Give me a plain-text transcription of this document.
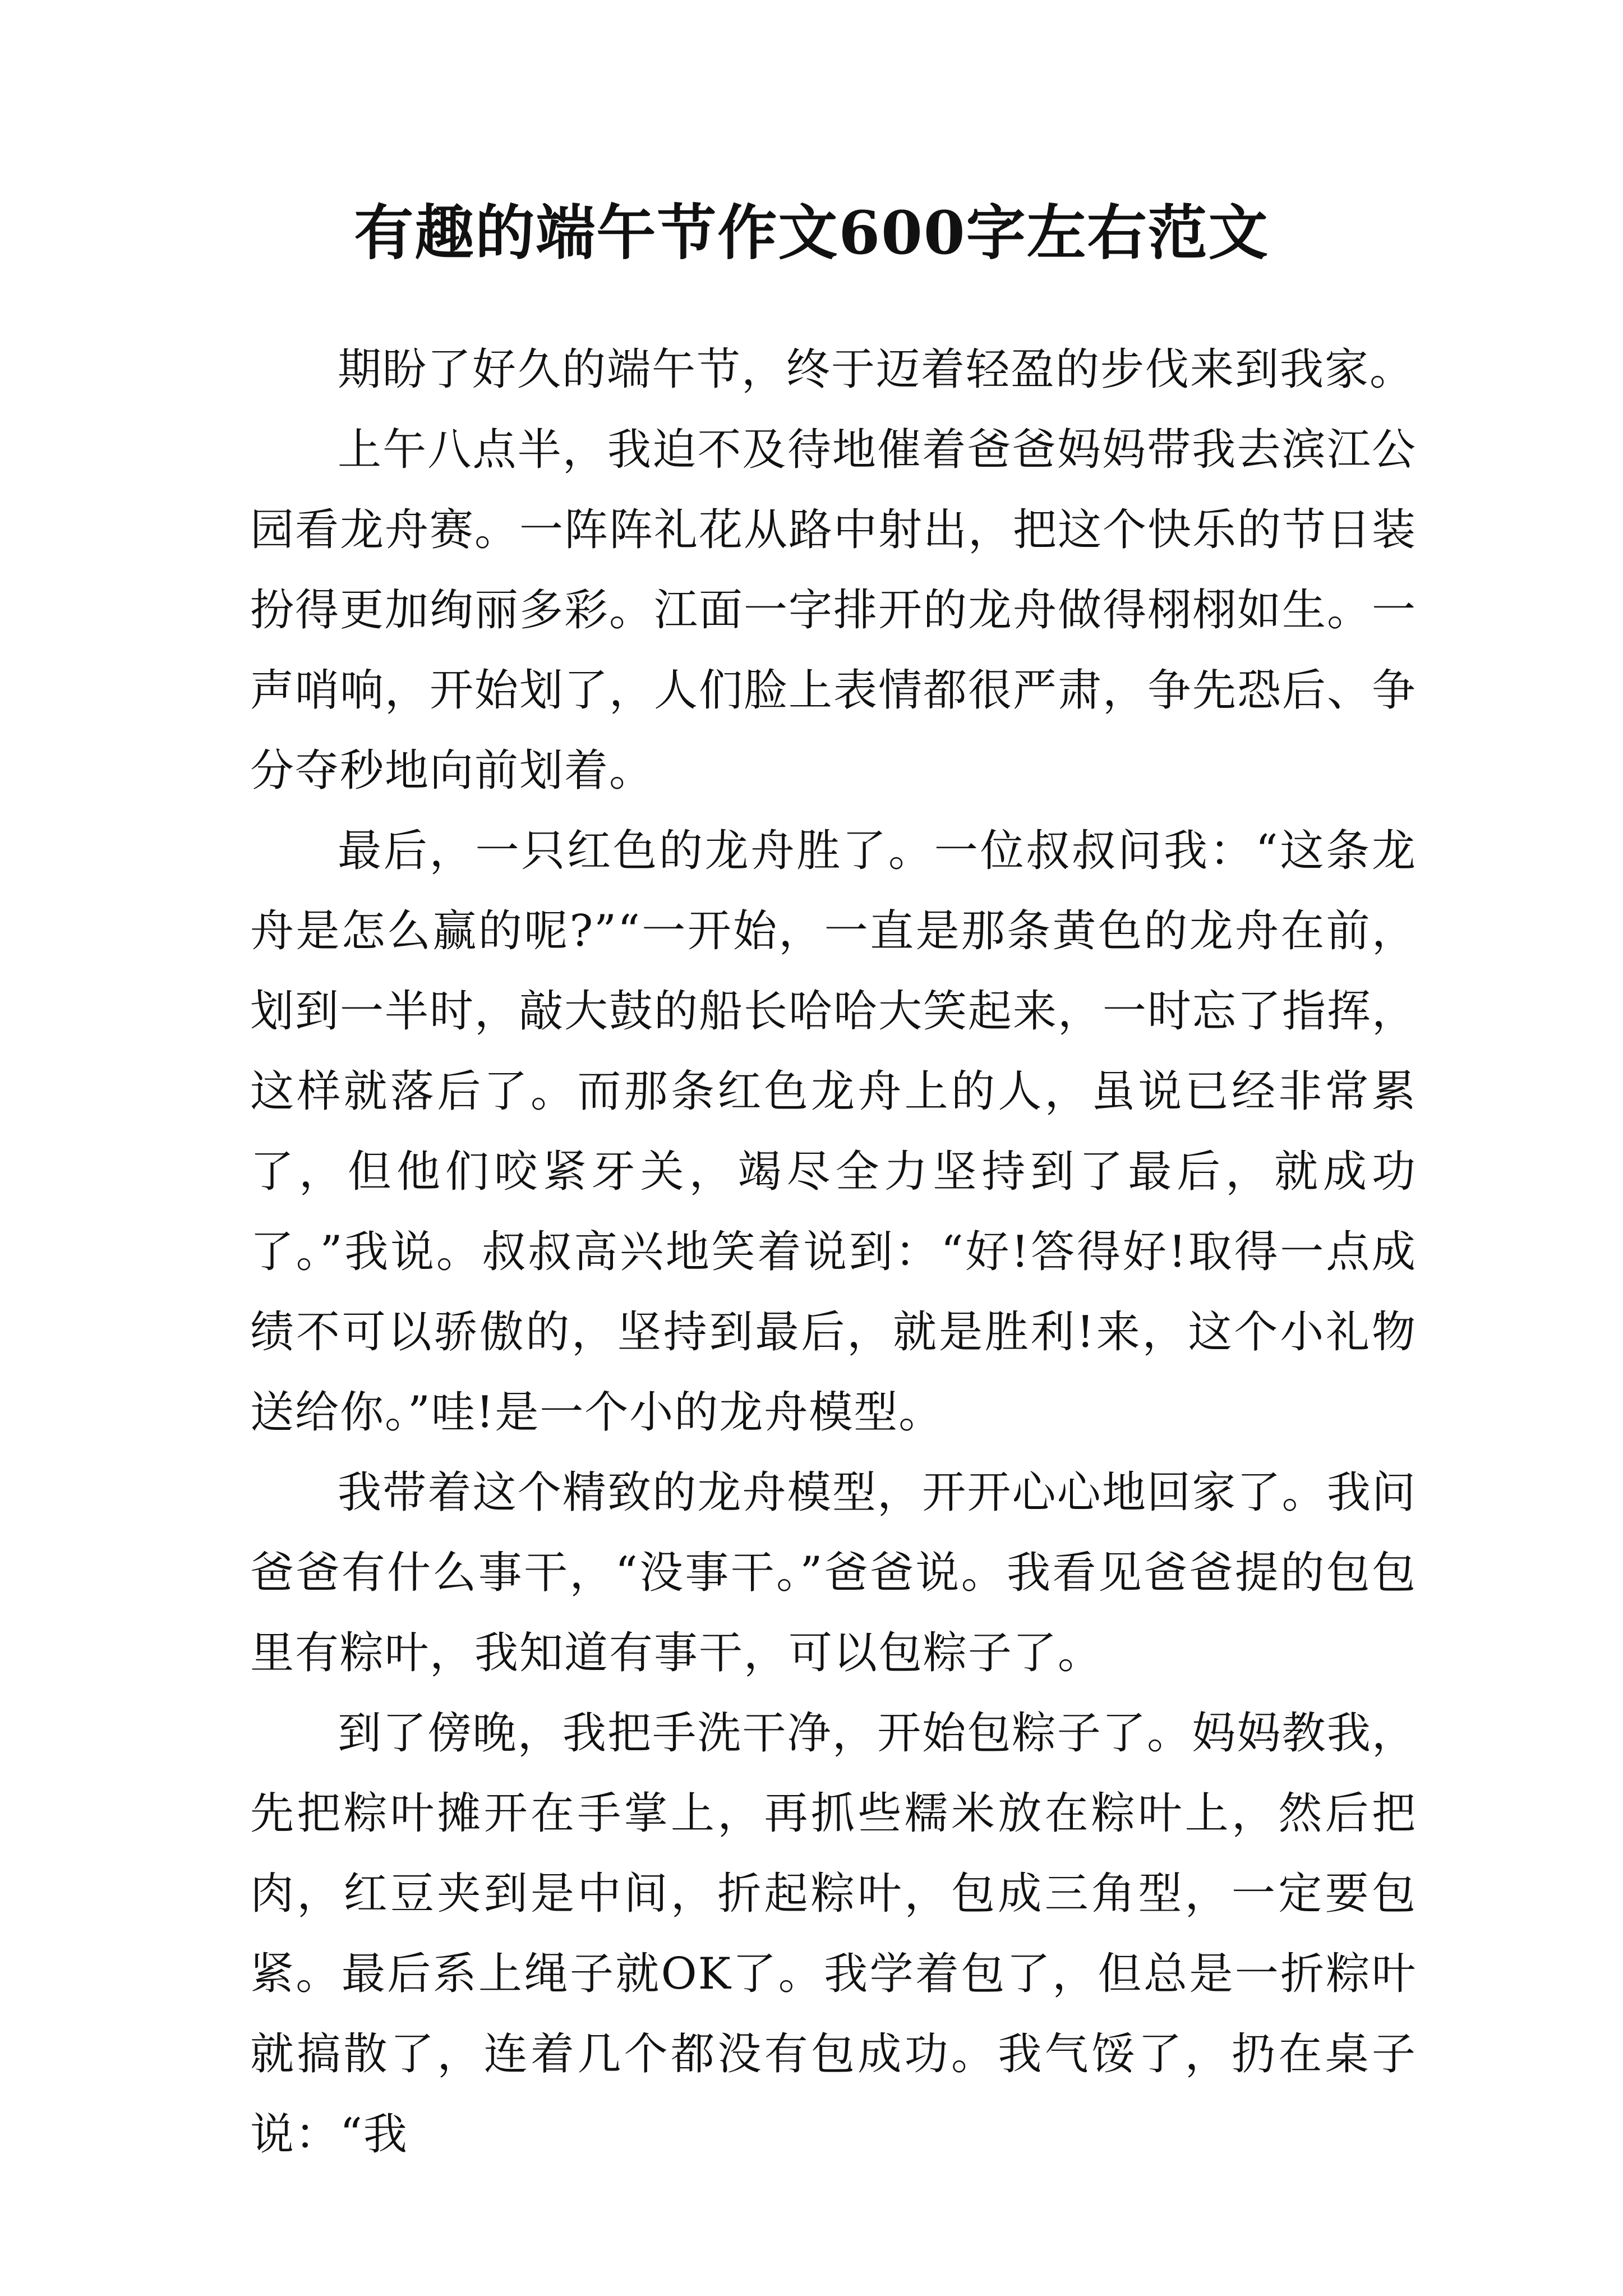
有趣的端午节作文600字左右范文

期盼了好久的端午节，终于迈着轻盈的步伐来到我家。

上午八点半，我迫不及待地催着爸爸妈妈带我去滨江公园看龙舟赛。一阵阵礼花从路中射出，把这个快乐的节日装扮得更加绚丽多彩。江面一字排开的龙舟做得栩栩如生。一声哨响，开始划了，人们脸上表情都很严肃，争先恐后、争分夺秒地向前划着。

最后，一只红色的龙舟胜了。一位叔叔问我：“这条龙舟是怎么赢的呢?”“一开始，一直是那条黄色的龙舟在前，划到一半时，敲大鼓的船长哈哈大笑起来，一时忘了指挥，这样就落后了。而那条红色龙舟上的人，虽说已经非常累了，但他们咬紧牙关，竭尽全力坚持到了最后，就成功了。”我说。叔叔高兴地笑着说到：“好!答得好!取得一点成绩不可以骄傲的，坚持到最后，就是胜利!来，这个小礼物送给你。”哇!是一个小的龙舟模型。

我带着这个精致的龙舟模型，开开心心地回家了。我问爸爸有什么事干，“没事干。”爸爸说。我看见爸爸提的包包里有粽叶，我知道有事干，可以包粽子了。

到了傍晚，我把手洗干净，开始包粽子了。妈妈教我，先把粽叶摊开在手掌上，再抓些糯米放在粽叶上，然后把肉，红豆夹到是中间，折起粽叶，包成三角型，一定要包紧。最后系上绳子就OK了。我学着包了，但总是一折粽叶就搞散了，连着几个都没有包成功。我气馁了，扔在桌子说：“我
